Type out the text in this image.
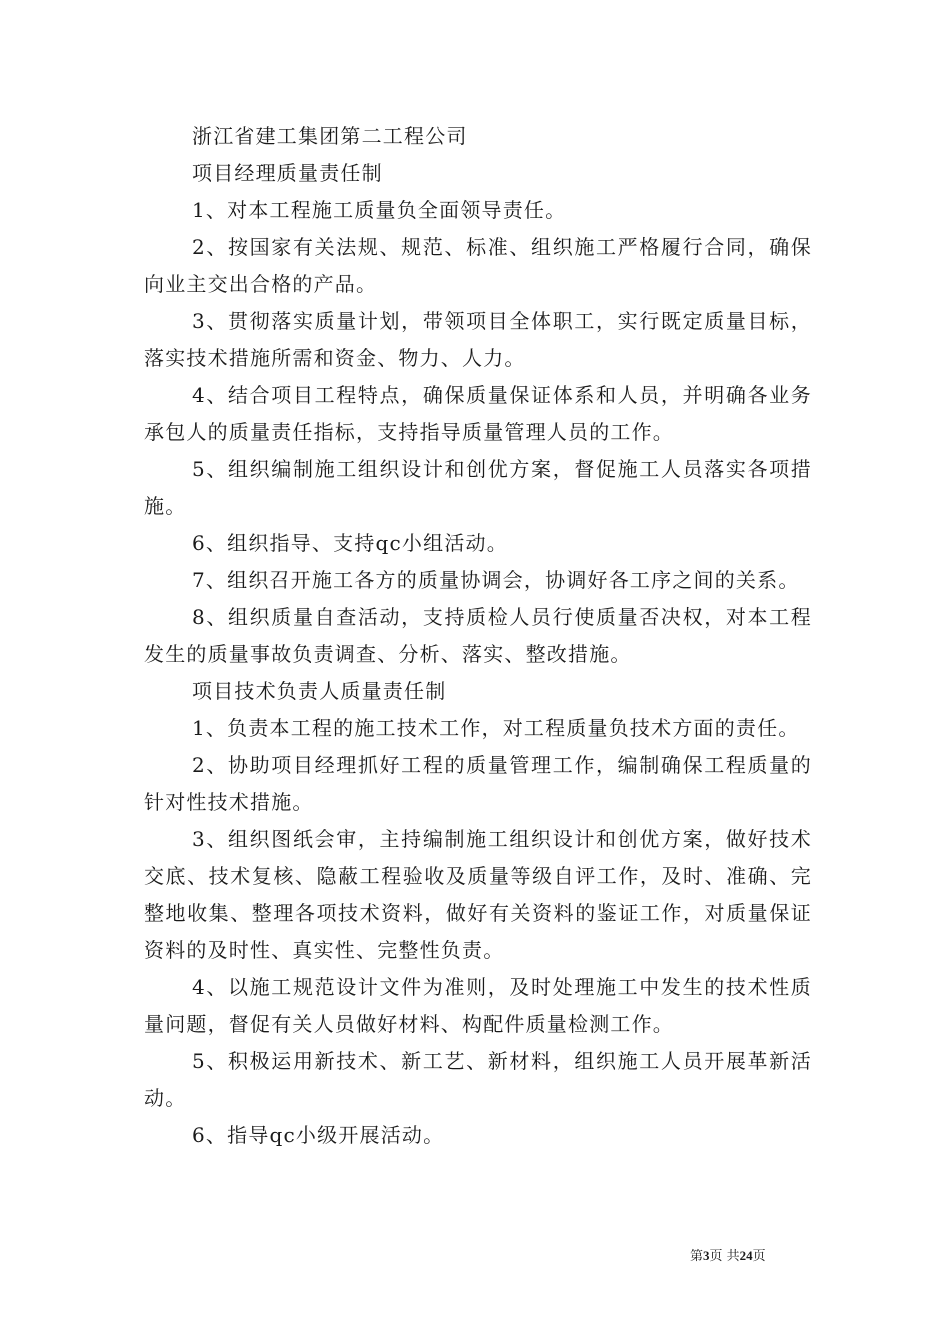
浙江省建工集团第二工程公司

项目经理质量责任制

1、对本工程施工质量负全面领导责任。

2、按国家有关法规、规范、标准、组织施工严格履行合同，确保向业主交出合格的产品。

3、贯彻落实质量计划，带领项目全体职工，实行既定质量目标，落实技术措施所需和资金、物力、人力。

4、结合项目工程特点，确保质量保证体系和人员，并明确各业务承包人的质量责任指标，支持指导质量管理人员的工作。

5、组织编制施工组织设计和创优方案，督促施工人员落实各项措施。

6、组织指导、支持qc小组活动。

7、组织召开施工各方的质量协调会，协调好各工序之间的关系。

8、组织质量自查活动，支持质检人员行使质量否决权，对本工程发生的质量事故负责调查、分析、落实、整改措施。

项目技术负责人质量责任制

1、负责本工程的施工技术工作，对工程质量负技术方面的责任。

2、协助项目经理抓好工程的质量管理工作，编制确保工程质量的针对性技术措施。

3、组织图纸会审，主持编制施工组织设计和创优方案，做好技术交底、技术复核、隐蔽工程验收及质量等级自评工作，及时、准确、完整地收集、整理各项技术资料，做好有关资料的鉴证工作，对质量保证资料的及时性、真实性、完整性负责。

4、以施工规范设计文件为准则，及时处理施工中发生的技术性质量问题，督促有关人员做好材料、构配件质量检测工作。

5、积极运用新技术、新工艺、新材料，组织施工人员开展革新活动。

6、指导qc小级开展活动。

第3页 共24页
